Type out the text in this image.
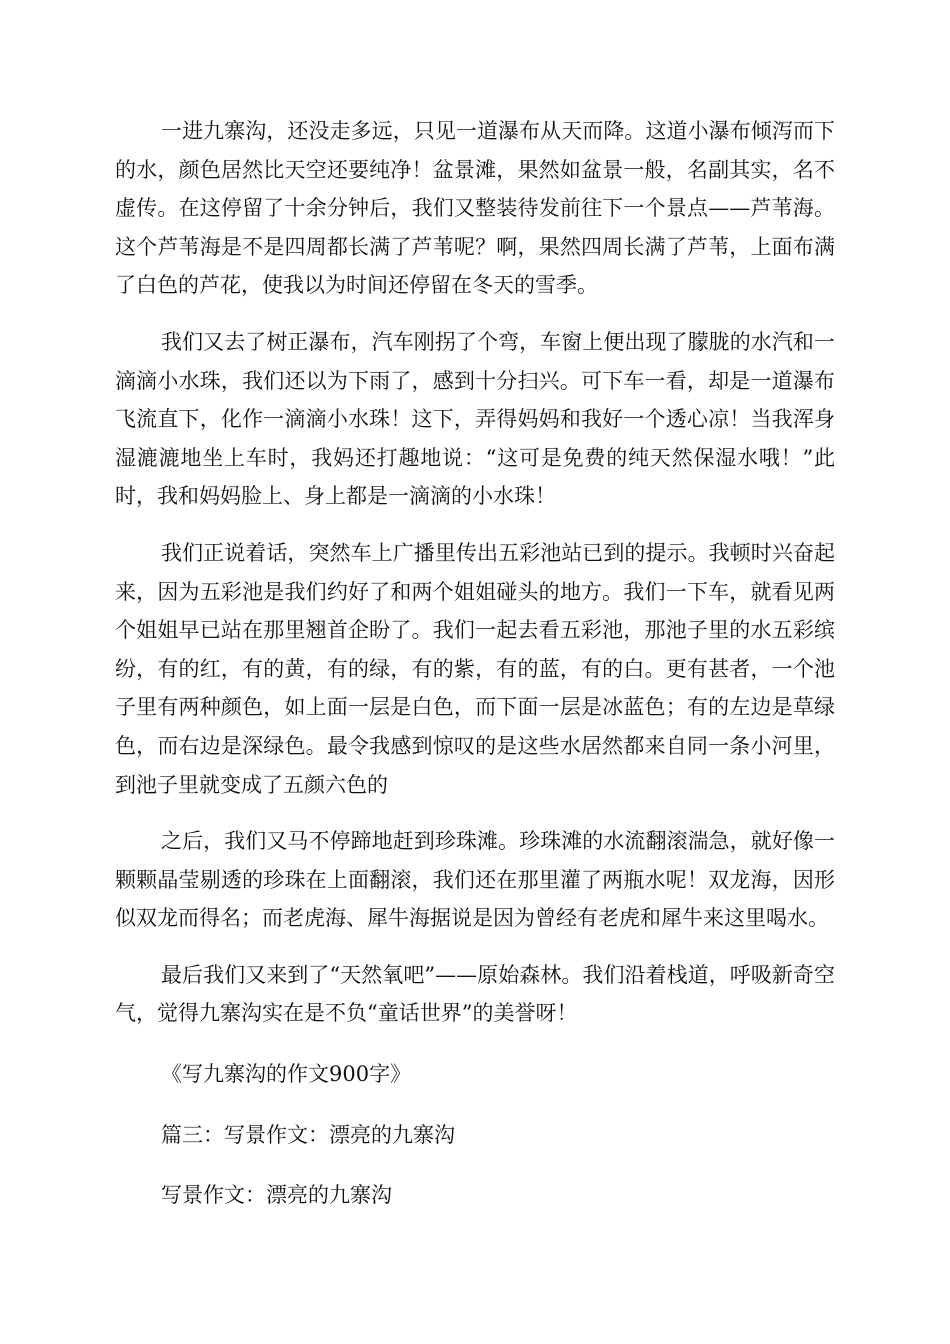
一进九寨沟，还没走多远，只见一道瀑布从天而降。这道小瀑布倾泻而下的水，颜色居然比天空还要纯净！盆景滩，果然如盆景一般，名副其实，名不虚传。在这停留了十余分钟后，我们又整装待发前往下一个景点——芦苇海。这个芦苇海是不是四周都长满了芦苇呢？啊，果然四周长满了芦苇，上面布满了白色的芦花，使我以为时间还停留在冬天的雪季。

我们又去了树正瀑布，汽车刚拐了个弯，车窗上便出现了朦胧的水汽和一滴滴小水珠，我们还以为下雨了，感到十分扫兴。可下车一看，却是一道瀑布飞流直下，化作一滴滴小水珠！这下，弄得妈妈和我好一个透心凉！当我浑身湿漉漉地坐上车时，我妈还打趣地说：“这可是免费的纯天然保湿水哦！”此时，我和妈妈脸上、身上都是一滴滴的小水珠！

我们正说着话，突然车上广播里传出五彩池站已到的提示。我顿时兴奋起来，因为五彩池是我们约好了和两个姐姐碰头的地方。我们一下车，就看见两个姐姐早已站在那里翘首企盼了。我们一起去看五彩池，那池子里的水五彩缤纷，有的红，有的黄，有的绿，有的紫，有的蓝，有的白。更有甚者，一个池子里有两种颜色，如上面一层是白色，而下面一层是冰蓝色；有的左边是草绿色，而右边是深绿色。最令我感到惊叹的是这些水居然都来自同一条小河里，到池子里就变成了五颜六色的

之后，我们又马不停蹄地赶到珍珠滩。珍珠滩的水流翻滚湍急，就好像一颗颗晶莹剔透的珍珠在上面翻滚，我们还在那里灌了两瓶水呢！双龙海，因形似双龙而得名；而老虎海、犀牛海据说是因为曾经有老虎和犀牛来这里喝水。

最后我们又来到了“天然氧吧”——原始森林。我们沿着栈道，呼吸新奇空气，觉得九寨沟实在是不负“童话世界”的美誉呀！

《写九寨沟的作文900字》
篇三：写景作文：漂亮的九寨沟
写景作文：漂亮的九寨沟
